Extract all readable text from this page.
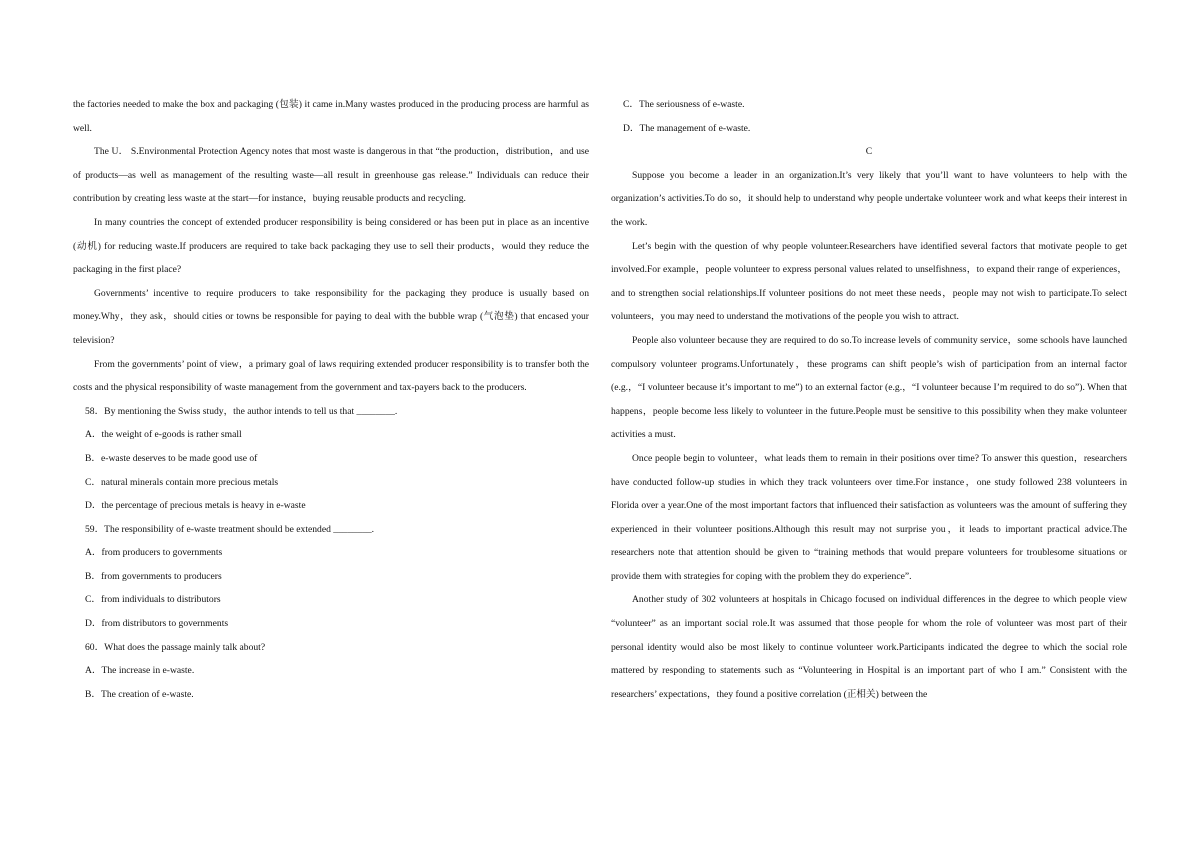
the factories needed to make the box and packaging (包装) it came in.Many wastes produced in the producing process are harmful as well.

The U． S.Environmental Protection Agency notes that most waste is dangerous in that “the production，distribution，and use of products—as well as management of the resulting waste—all result in greenhouse gas release.” Individuals can reduce their contribution by creating less waste at the start—for instance，buying reusable products and recycling.

In many countries the concept of extended producer responsibility is being considered or has been put in place as an incentive (动机) for reducing waste.If producers are required to take back packaging they use to sell their products，would they reduce the packaging in the first place?

Governments’ incentive to require producers to take responsibility for the packaging they produce is usually based on money.Why，they ask，should cities or towns be responsible for paying to deal with the bubble wrap (气泡垫) that encased your television?

From the governments’ point of view，a primary goal of laws requiring extended producer responsibility is to transfer both the costs and the physical responsibility of waste management from the government and tax-payers back to the producers.

58．By mentioning the Swiss study，the author intends to tell us that ________.

A．the weight of e-goods is rather small

B．e-waste deserves to be made good use of

C．natural minerals contain more precious metals

D．the percentage of precious metals is heavy in e-waste

59．The responsibility of e-waste treatment should be extended ________.

A．from producers to governments

B．from governments to producers

C．from individuals to distributors

D．from distributors to governments

60．What does the passage mainly talk about?

A．The increase in e-waste.

B．The creation of e-waste.

C．The seriousness of e-waste.

D．The management of e-waste.

C

Suppose you become a leader in an organization.It’s very likely that you’ll want to have volunteers to help with the organization’s activities.To do so，it should help to understand why people undertake volunteer work and what keeps their interest in the work.

Let’s begin with the question of why people volunteer.Researchers have identified several factors that motivate people to get involved.For example，people volunteer to express personal values related to unselfishness，to expand their range of experiences，and to strengthen social relationships.If volunteer positions do not meet these needs，people may not wish to participate.To select volunteers，you may need to understand the motivations of the people you wish to attract.

People also volunteer because they are required to do so.To increase levels of community service，some schools have launched compulsory volunteer programs.Unfortunately，these programs can shift people’s wish of participation from an internal factor (e.g.，“I volunteer because it’s important to me”) to an external factor (e.g.，“I volunteer because I’m required to do so”). When that happens，people become less likely to volunteer in the future.People must be sensitive to this possibility when they make volunteer activities a must.

Once people begin to volunteer，what leads them to remain in their positions over time? To answer this question，researchers have conducted follow-up studies in which they track volunteers over time.For instance，one study followed 238 volunteers in Florida over a year.One of the most important factors that influenced their satisfaction as volunteers was the amount of suffering they experienced in their volunteer positions.Although this result may not surprise you，it leads to important practical advice.The researchers note that attention should be given to “training methods that would prepare volunteers for troublesome situations or provide them with strategies for coping with the problem they do experience”.

Another study of 302 volunteers at hospitals in Chicago focused on individual differences in the degree to which people view “volunteer” as an important social role.It was assumed that those people for whom the role of volunteer was most part of their personal identity would also be most likely to continue volunteer work.Participants indicated the degree to which the social role mattered by responding to statements such as “Volunteering in Hospital is an important part of who I am.” Consistent with the researchers’ expectations，they found a positive correlation (正相关) between the
